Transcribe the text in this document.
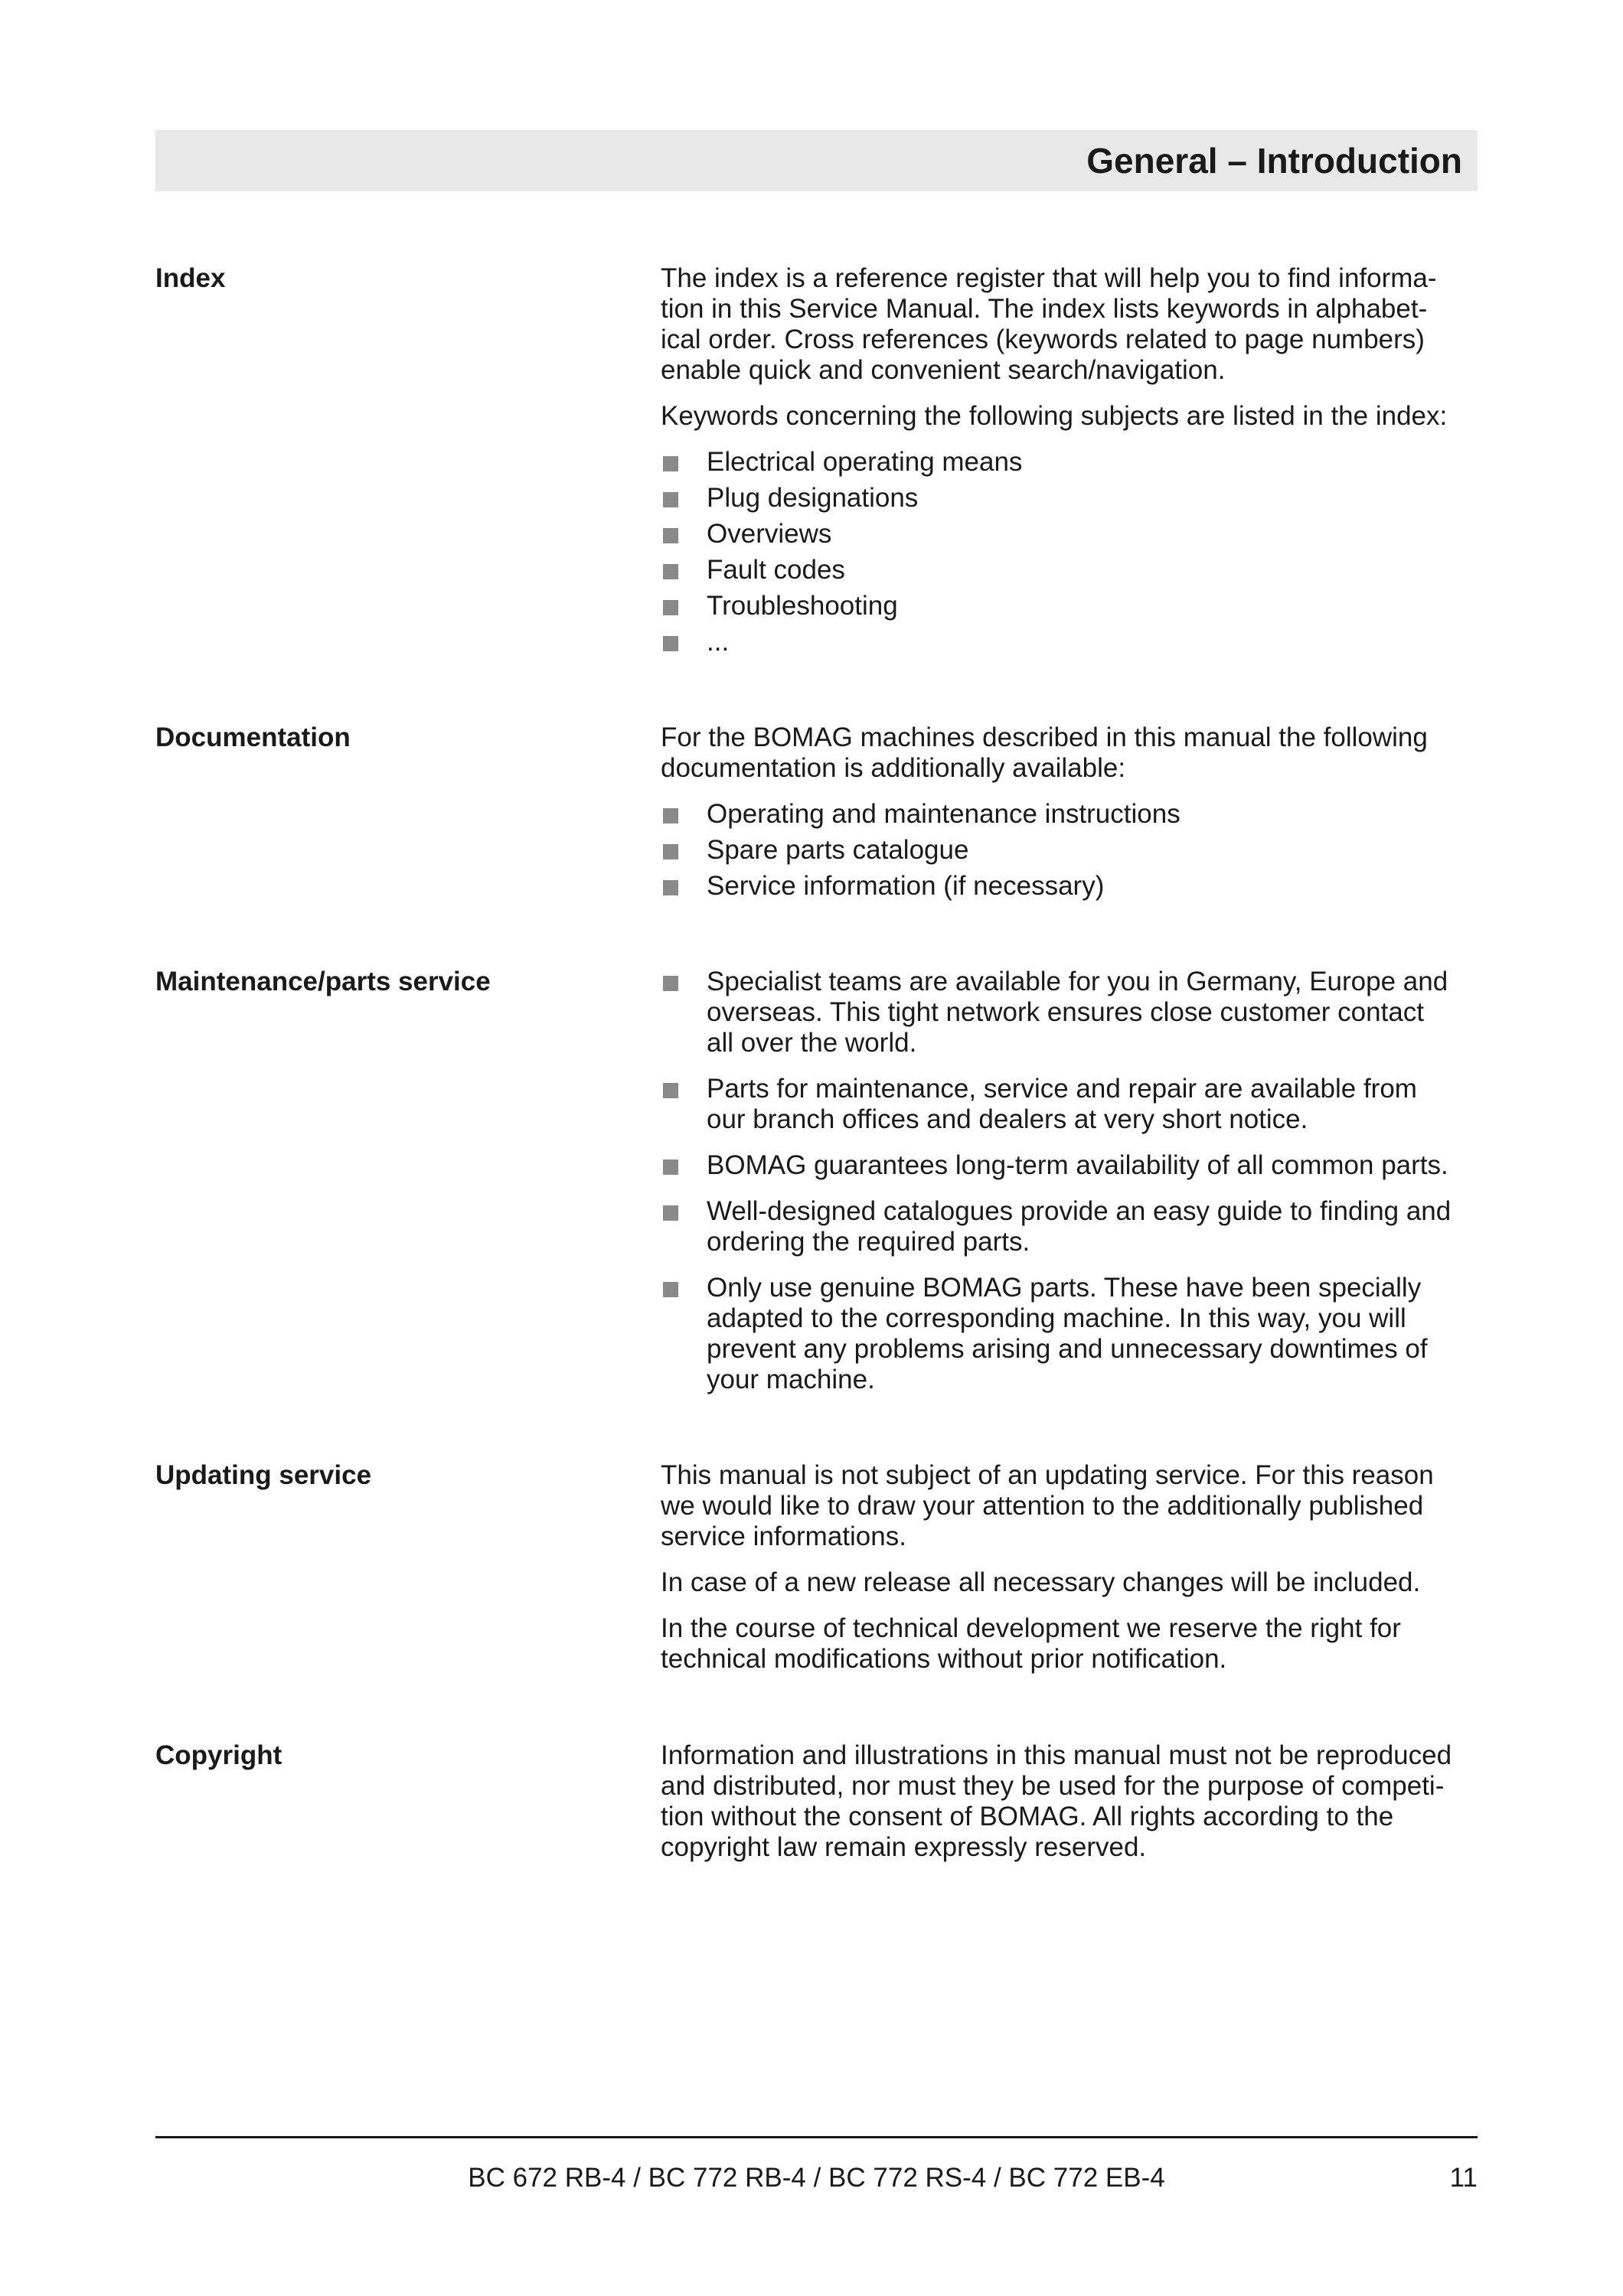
General – Introduction
Index	The index is a reference register that will help you to find informa-
tion in this Service Manual. The index lists keywords in alphabet-
ical order. Cross references (keywords related to page numbers)
enable quick and convenient search/navigation.

Keywords concerning the following subjects are listed in the index:

Electrical operating means
Plug designations
Overviews
Fault codes
Troubleshooting
...
Documentation	For the BOMAG machines described in this manual the following
documentation is additionally available:

Operating and maintenance instructions
Spare parts catalogue
Service information (if necessary)
Maintenance/parts service	Specialist teams are available for you in Germany, Europe and
overseas. This tight network ensures close customer contact
all over the world.
Parts for maintenance, service and repair are available from
our branch offices and dealers at very short notice.
BOMAG guarantees long-term availability of all common parts.
Well-designed catalogues provide an easy guide to finding and
ordering the required parts.
Only use genuine BOMAG parts. These have been specially
adapted to the corresponding machine. In this way, you will
prevent any problems arising and unnecessary downtimes of
your machine.
Updating service	This manual is not subject of an updating service. For this reason
we would like to draw your attention to the additionally published
service informations.

In case of a new release all necessary changes will be included.

In the course of technical development we reserve the right for
technical modifications without prior notification.

Copyright	Information and illustrations in this manual must not be reproduced
and distributed, nor must they be used for the purpose of competi-
tion without the consent of BOMAG. All rights according to the
copyright law remain expressly reserved.

BC 672 RB-4 / BC 772 RB-4 / BC 772 RS-4 / BC 772 EB-4	11
